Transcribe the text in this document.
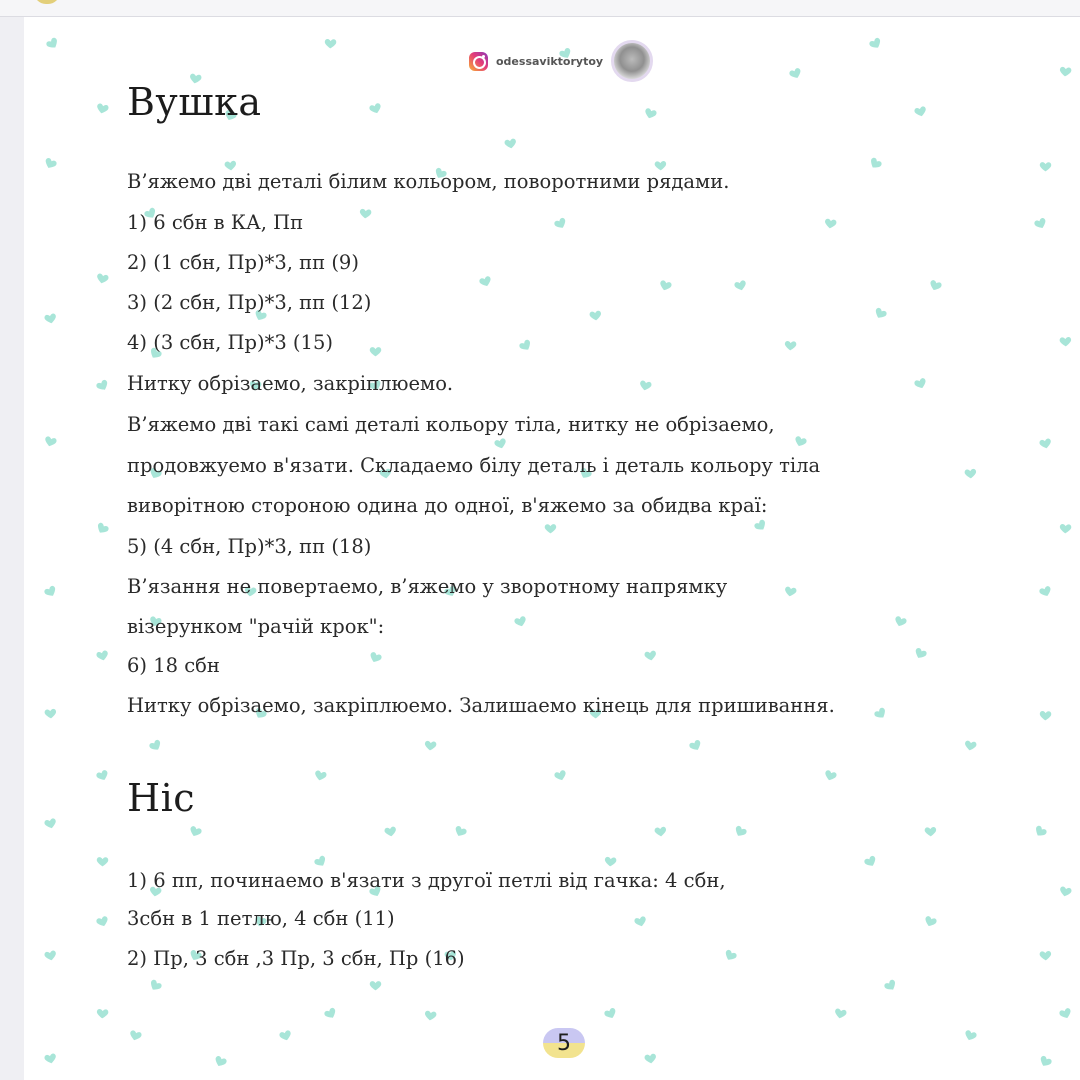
odessaviktorytoy
Вушка
В’яжемо дві деталі білим кольором, поворотними рядами.
1) 6 сбн в КА, Пп
2) (1 сбн, Пр)*3, пп (9)
3) (2 сбн, Пр)*3, пп (12)
4) (3 сбн, Пр)*3 (15)
Нитку обрізаемо, закріплюемо.
В’яжемо дві такі самі деталі кольору тіла, нитку не обрізаемо,
продовжуемо в'язати. Складаемо білу деталь і деталь кольору тіла
виворітною стороною одина до одної, в'яжемо за обидва краї:
5) (4 сбн, Пр)*3, пп (18)
В’язання не повертаемо, в’яжемо у зворотному напрямку
візерунком "рачій крок":
6) 18 сбн
Нитку обрізаемо, закріплюемо. Залишаемо кінець для пришивання.
Ніс
1) 6 пп, починаемо в'язати з другої петлі від гачка: 4 сбн,
3сбн в 1 петлю, 4 сбн (11)
2) Пр, 3 сбн ,3 Пр, 3 сбн, Пр (16)
5
